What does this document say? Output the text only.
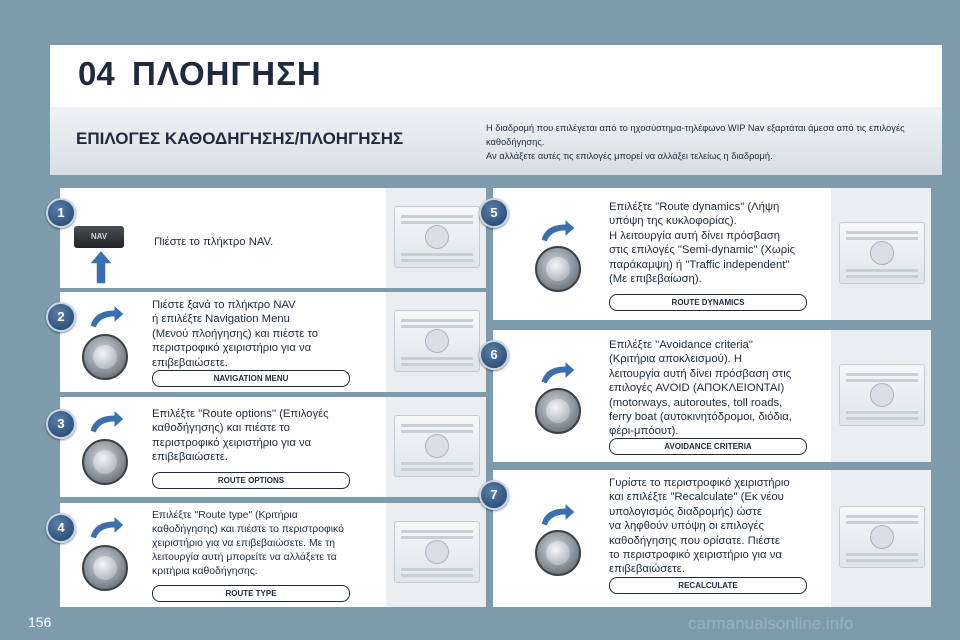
04 ΠΛΟΗΓΗΣΗ
ΕΠΙΛΟΓΕΣ ΚΑΘΟΔΗΓΗΣΗΣ/ΠΛΟΗΓΗΣΗΣ
Η διαδρομή που επιλέγεται από το ηχοσύστημα-τηλέφωνο WIP Nav εξαρτάται άμεσα από τις επιλογές καθοδήγησης.
Αν αλλάξετε αυτές τις επιλογές μπορεί να αλλάξει τελείως η διαδρομή.
1
NAV	Πιέστε το πλήκτρο NAV.
2
Πιέστε ξανά το πλήκτρο NAV
ή επιλέξτε Navigation Menu
(Μενού πλοήγησης) και πιέστε το
περιστροφικό χειριστήριο για να
επιβεβαιώσετε.
NAVIGATION MENU
3
Επιλέξτε "Route options" (Επιλογές
καθοδήγησης) και πιέστε το
περιστροφικό χειριστήριο για να
επιβεβαιώσετε.
ROUTE OPTIONS
4
Επιλέξτε "Route type" (Κριτήρια
καθοδήγησης) και πιέστε το περιστροφικό
χειριστήριο για να επιβεβαιώσετε. Με τη
λειτουργία αυτή μπορείτε να αλλάξετε τα
κριτήρια καθοδήγησης.
ROUTE TYPE
5	Επιλέξτε "Route dynamics" (Λήψη
υπόψη της κυκλοφορίας).
Η λειτουργία αυτή δίνει πρόσβαση
στις επιλογές "Semi-dynamic" (Χωρίς
παράκαμψη) ή "Traffic independent"
(Με επιβεβαίωση).
ROUTE DYNAMICS
6
Επιλέξτε "Avoidance criteria"
(Κριτήρια αποκλεισμού). Η
λειτουργία αυτή δίνει πρόσβαση στις
επιλογές AVOID (ΑΠΟΚΛΕΙΟΝΤΑΙ)
(motorways, autoroutes, toll roads,
ferry boat (αυτοκινητόδρομοι, διόδια,
φέρι-μπόουτ).
AVOIDANCE CRITERIA
7
Γυρίστε το περιστροφικό χειριστήριο
και επιλέξτε "Recalculate" (Εκ νέου
υπολογισμός διαδρομής) ώστε
να ληφθούν υπόψη οι επιλογές
καθοδήγησης που ορίσατε. Πιέστε
το περιστροφικό χειριστήριο για να
επιβεβαιώσετε.
RECALCULATE
156	carmanualsonline.info
